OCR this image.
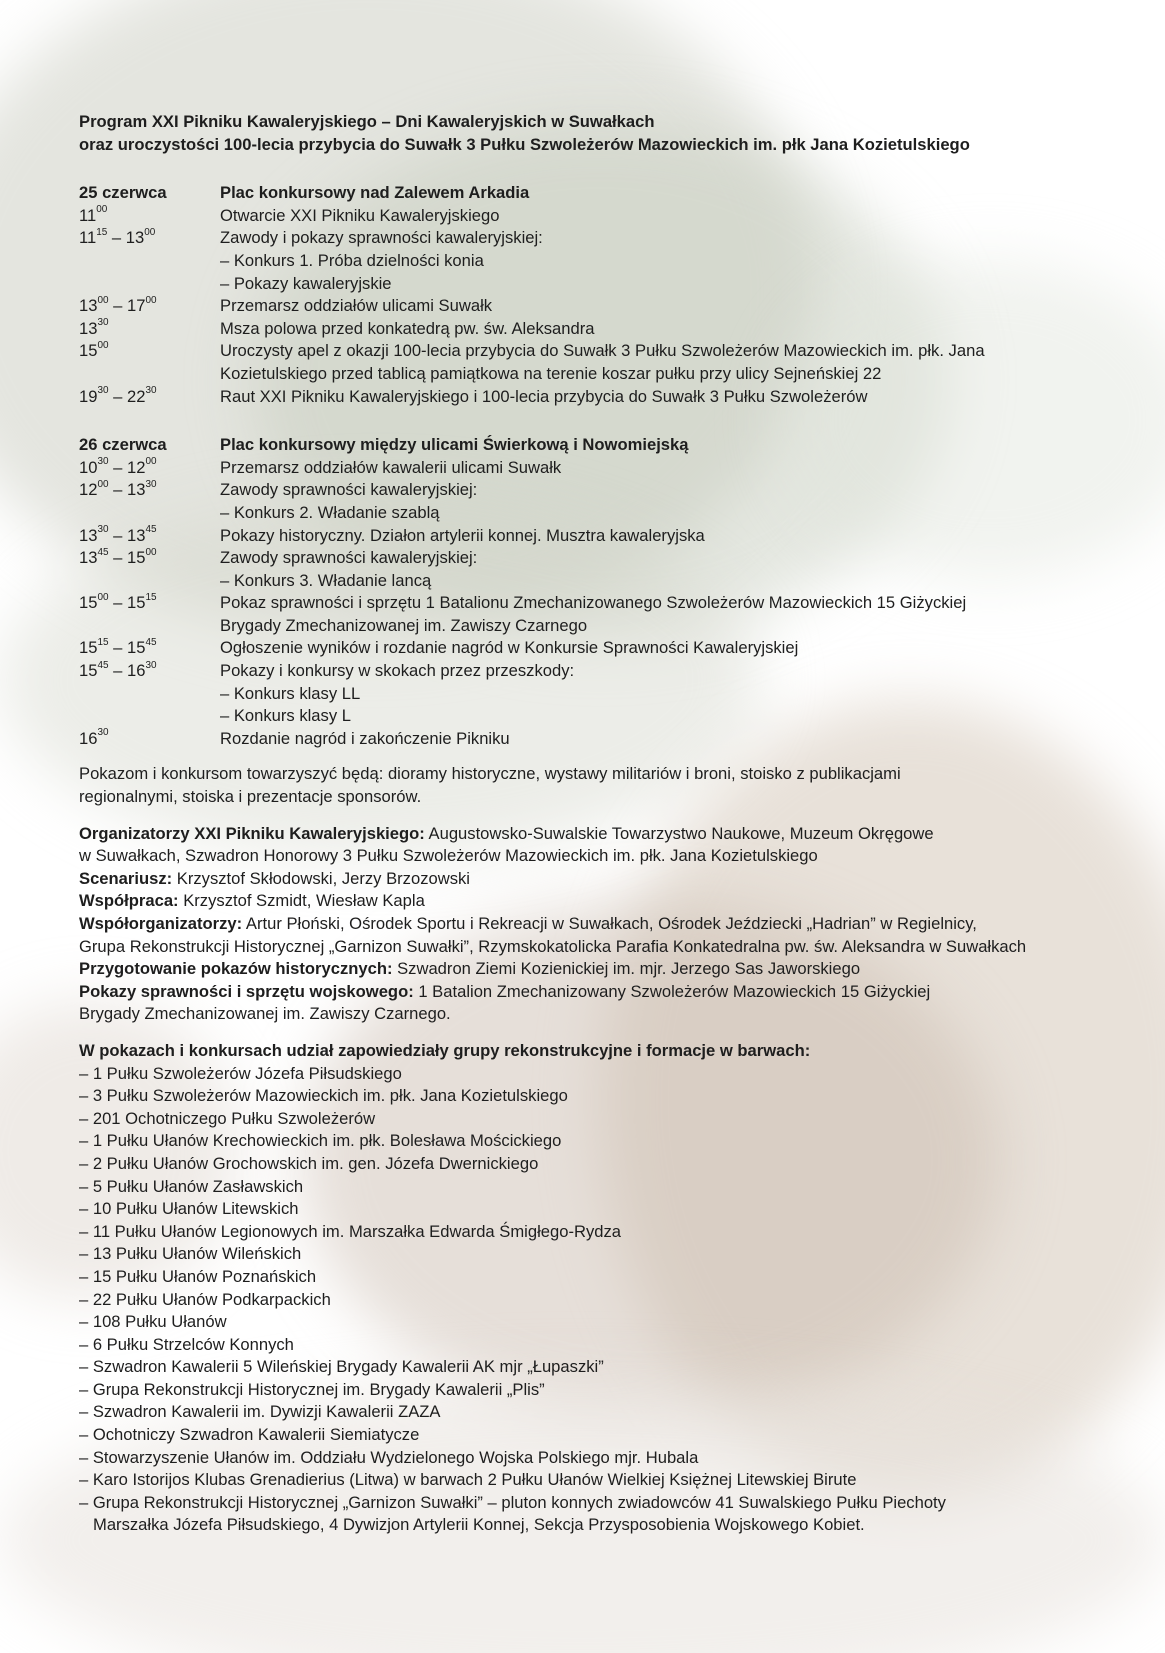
Program XXI Pikniku Kawaleryjskiego – Dni Kawaleryjskich w Suwałkach

oraz uroczystości 100-lecia przybycia do Suwałk 3 Pułku Szwoleżerów Mazowieckich im. płk Jana Kozietulskiego

25 czerwca	Plac konkursowy nad Zalewem Arkadia
$11^{00}$	Otwarcie XXI Pikniku Kawaleryjskiego
$11^{15} - 13^{00}$	Zawody i pokazy sprawności kawaleryjskiej:
– Konkurs 1. Próba dzielności konia
– Pokazy kawaleryjskie
$13^{00} - 17^{00}$	Przemarsz oddziałów ulicami Suwałk
$13^{30}$	Msza polowa przed konkatedrą pw. św. Aleksandra
$15^{00}$	Uroczysty apel z okazji 100-lecia przybycia do Suwałk 3 Pułku Szwoleżerów Mazowieckich im. płk. Jana
Kozietulskiego przed tablicą pamiątkowa na terenie koszar pułku przy ulicy Sejneńskiej 22
$19^{30} - 22^{30}$	Raut XXI Pikniku Kawaleryjskiego i 100-lecia przybycia do Suwałk 3 Pułku Szwoleżerów
26 czerwca	Plac konkursowy między ulicami Świerkową i Nowomiejską
$10^{30} - 12^{00}$	Przemarsz oddziałów kawalerii ulicami Suwałk
$12^{00} - 13^{30}$	Zawody sprawności kawaleryjskiej:
– Konkurs 2. Władanie szablą
$13^{30} - 13^{45}$	Pokazy historyczny. Działon artylerii konnej. Musztra kawaleryjska
$13^{45} - 15^{00}$	Zawody sprawności kawaleryjskiej:
– Konkurs 3. Władanie lancą
$15^{00} - 15^{15}$	Pokaz sprawności i sprzętu 1 Batalionu Zmechanizowanego Szwoleżerów Mazowieckich 15 Giżyckiej
Brygady Zmechanizowanej im. Zawiszy Czarnego
$15^{15} - 15^{45}$	Ogłoszenie wyników i rozdanie nagród w Konkursie Sprawności Kawaleryjskiej
$15^{45} - 16^{30}$	Pokazy i konkursy w skokach przez przeszkody:
– Konkurs klasy LL
– Konkurs klasy L
$16^{30}$	Rozdanie nagród i zakończenie Pikniku

Pokazom i konkursom towarzyszyć będą: dioramy historyczne, wystawy militariów i broni, stoisko z publikacjami

regionalnymi, stoiska i prezentacje sponsorów.

Organizatorzy XXI Pikniku Kawaleryjskiego: Augustowsko-Suwalskie Towarzystwo Naukowe, Muzeum Okręgowe

w Suwałkach, Szwadron Honorowy 3 Pułku Szwoleżerów Mazowieckich im. płk. Jana Kozietulskiego

Scenariusz: Krzysztof Skłodowski, Jerzy Brzozowski

Współpraca: Krzysztof Szmidt, Wiesław Kapla

Współorganizatorzy: Artur Płoński, Ośrodek Sportu i Rekreacji w Suwałkach, Ośrodek Jeździecki „Hadrian” w Regielnicy,

Grupa Rekonstrukcji Historycznej „Garnizon Suwałki”, Rzymskokatolicka Parafia Konkatedralna pw. św. Aleksandra w Suwałkach

Przygotowanie pokazów historycznych: Szwadron Ziemi Kozienickiej im. mjr. Jerzego Sas Jaworskiego

Pokazy sprawności i sprzętu wojskowego: 1 Batalion Zmechanizowany Szwoleżerów Mazowieckich 15 Giżyckiej

Brygady Zmechanizowanej im. Zawiszy Czarnego.

W pokazach i konkursach udział zapowiedziały grupy rekonstrukcyjne i formacje w barwach:

– 1 Pułku Szwoleżerów Józefa Piłsudskiego

– 3 Pułku Szwoleżerów Mazowieckich im. płk. Jana Kozietulskiego

– 201 Ochotniczego Pułku Szwoleżerów

– 1 Pułku Ułanów Krechowieckich im. płk. Bolesława Mościckiego

– 2 Pułku Ułanów Grochowskich im. gen. Józefa Dwernickiego

– 5 Pułku Ułanów Zasławskich

– 10 Pułku Ułanów Litewskich

– 11 Pułku Ułanów Legionowych im. Marszałka Edwarda Śmigłego-Rydza

– 13 Pułku Ułanów Wileńskich

– 15 Pułku Ułanów Poznańskich

– 22 Pułku Ułanów Podkarpackich

– 108 Pułku Ułanów

– 6 Pułku Strzelców Konnych

– Szwadron Kawalerii 5 Wileńskiej Brygady Kawalerii AK mjr „Łupaszki”

– Grupa Rekonstrukcji Historycznej im. Brygady Kawalerii „Plis”

– Szwadron Kawalerii im. Dywizji Kawalerii ZAZA

– Ochotniczy Szwadron Kawalerii Siemiatycze

– Stowarzyszenie Ułanów im. Oddziału Wydzielonego Wojska Polskiego mjr. Hubala

– Karo Istorijos Klubas Grenadierius (Litwa) w barwach 2 Pułku Ułanów Wielkiej Księżnej Litewskiej Birute

– Grupa Rekonstrukcji Historycznej „Garnizon Suwałki” – pluton konnych zwiadowców 41 Suwalskiego Pułku Piechoty

Marszałka Józefa Piłsudskiego, 4 Dywizjon Artylerii Konnej, Sekcja Przysposobienia Wojskowego Kobiet.
